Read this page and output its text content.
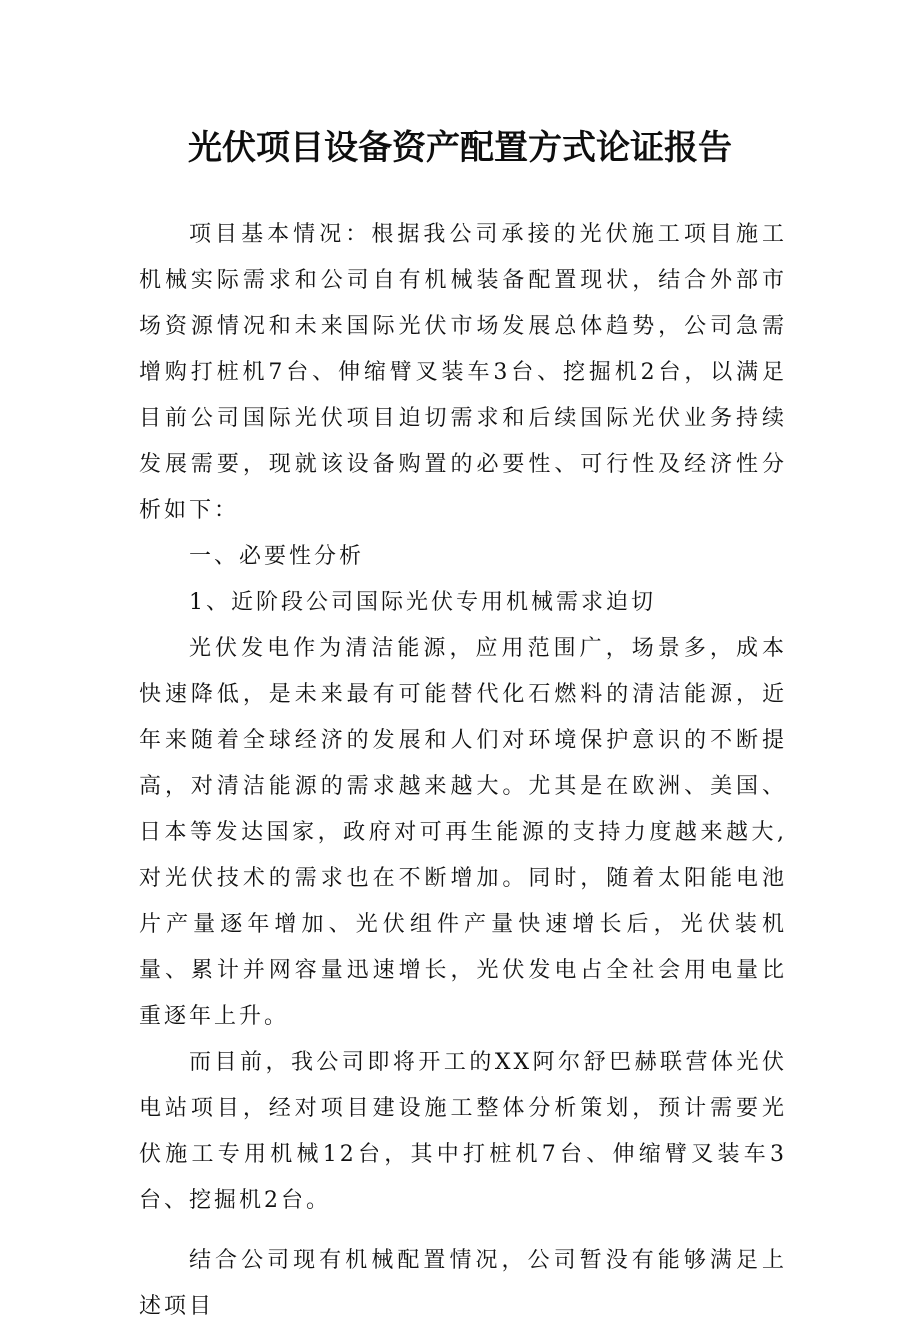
光伏项目设备资产配置方式论证报告

项目基本情况：根据我公司承接的光伏施工项目施工机械实际需求和公司自有机械装备配置现状，结合外部市场资源情况和未来国际光伏市场发展总体趋势，公司急需增购打桩机7台、伸缩臂叉装车3台、挖掘机2台，以满足目前公司国际光伏项目迫切需求和后续国际光伏业务持续发展需要，现就该设备购置的必要性、可行性及经济性分析如下：

一、必要性分析

1、近阶段公司国际光伏专用机械需求迫切

光伏发电作为清洁能源，应用范围广，场景多，成本快速降低，是未来最有可能替代化石燃料的清洁能源，近年来随着全球经济的发展和人们对环境保护意识的不断提高，对清洁能源的需求越来越大。尤其是在欧洲、美国、日本等发达国家，政府对可再生能源的支持力度越来越大,对光伏技术的需求也在不断增加。同时，随着太阳能电池片产量逐年增加、光伏组件产量快速增长后，光伏装机量、累计并网容量迅速增长，光伏发电占全社会用电量比重逐年上升。

而目前，我公司即将开工的XX阿尔舒巴赫联营体光伏电站项目，经对项目建设施工整体分析策划，预计需要光伏施工专用机械12台，其中打桩机7台、伸缩臂叉装车3台、挖掘机2台。

结合公司现有机械配置情况，公司暂没有能够满足上述项目
